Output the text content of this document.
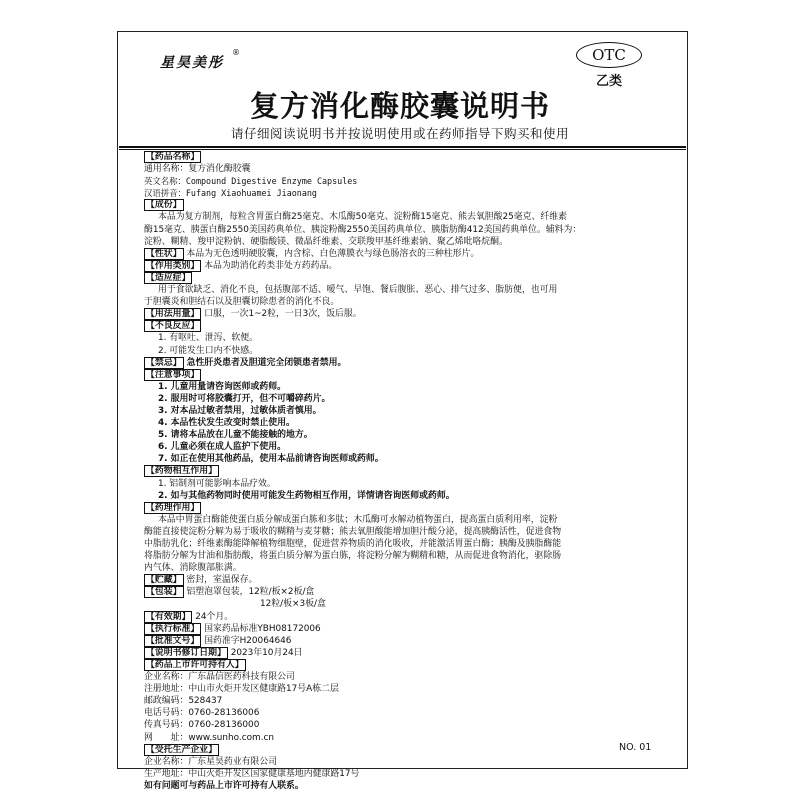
星昊美彤
®	OTC
乙类
复方消化酶胶囊说明书
请仔细阅读说明书并按说明使用或在药师指导下购买和使用
【药品名称】
通用名称：复方消化酶胶囊
英文名称：Compound Digestive Enzyme Capsules
汉语拼音：Fufang Xiaohuamei Jiaonang
【成份】
本品为复方制剂，每粒含胃蛋白酶25毫克、木瓜酶50毫克、淀粉酶15毫克、熊去氧胆酸25毫克、纤维素
酶15毫克、胰蛋白酶2550美国药典单位、胰淀粉酶2550美国药典单位、胰脂肪酶412美国药典单位。辅料为：
淀粉、糊精、羧甲淀粉钠、硬脂酸镁、微晶纤维素、交联羧甲基纤维素钠、聚乙烯吡咯烷酮。
【性状】 本品为无色透明硬胶囊，内含棕、白色薄膜衣与绿色肠溶衣的三种柱形片。
【作用类别】 本品为助消化药类非处方药药品。
【适应症】
用于食欲缺乏、消化不良，包括腹部不适、嗳气、早饱、餐后腹胀、恶心、排气过多、脂肪便，也可用
于胆囊炎和胆结石以及胆囊切除患者的消化不良。
【用法用量】 口服，一次1~2粒，一日3次，饭后服。
【不良反应】
1. 有呕吐、泄泻、软便。
2. 可能发生口内不快感。
【禁忌】 急性肝炎患者及胆道完全闭锁患者禁用。
【注意事项】
1. 儿童用量请咨询医师或药师。
2. 服用时可将胶囊打开，但不可嚼碎药片。
3. 对本品过敏者禁用，过敏体质者慎用。
4. 本品性状发生改变时禁止使用。
5. 请将本品放在儿童不能接触的地方。
6. 儿童必须在成人监护下使用。
7. 如正在使用其他药品，使用本品前请咨询医师或药师。
【药物相互作用】
1. 铝制剂可能影响本品疗效。
2. 如与其他药物同时使用可能发生药物相互作用，详情请咨询医师或药师。
【药理作用】
本品中胃蛋白酶能使蛋白质分解成蛋白胨和多肽；木瓜酶可水解动植物蛋白，提高蛋白质利用率，淀粉
酶能直接使淀粉分解为易于吸收的糊精与麦芽糖；熊去氧胆酸能增加胆汁酸分泌，提高胰酶活性，促进食物
中脂肪乳化；纤维素酶能降解植物细胞壁，促进营养物质的消化吸收，并能激活胃蛋白酶；胰酶及胰脂酶能
将脂肪分解为甘油和脂肪酸，将蛋白质分解为蛋白胨，将淀粉分解为糊精和糖，从而促进食物消化，驱除肠
内气体、消除腹部胀满。
【贮藏】 密封，室温保存。
【包装】 铝塑泡罩包装，12粒/板×2板/盒
12粒/板×3板/盒
【有效期】 24个月。
【执行标准】 国家药品标准YBH08172006
【批准文号】 国药准字H20064646
【说明书修订日期】 2023年10月24日
【药品上市许可持有人】
企业名称：广东晶信医药科技有限公司
注册地址：中山市火炬开发区健康路17号A栋二层
邮政编码：528437
电话号码：0760-28136006
传真号码：0760-28136000
网　　址：www.sunho.com.cn
【受托生产企业】
企业名称：广东星昊药业有限公司
生产地址：中山火炬开发区国家健康基地内健康路17号
如有问题可与药品上市许可持有人联系。
NO. 01
